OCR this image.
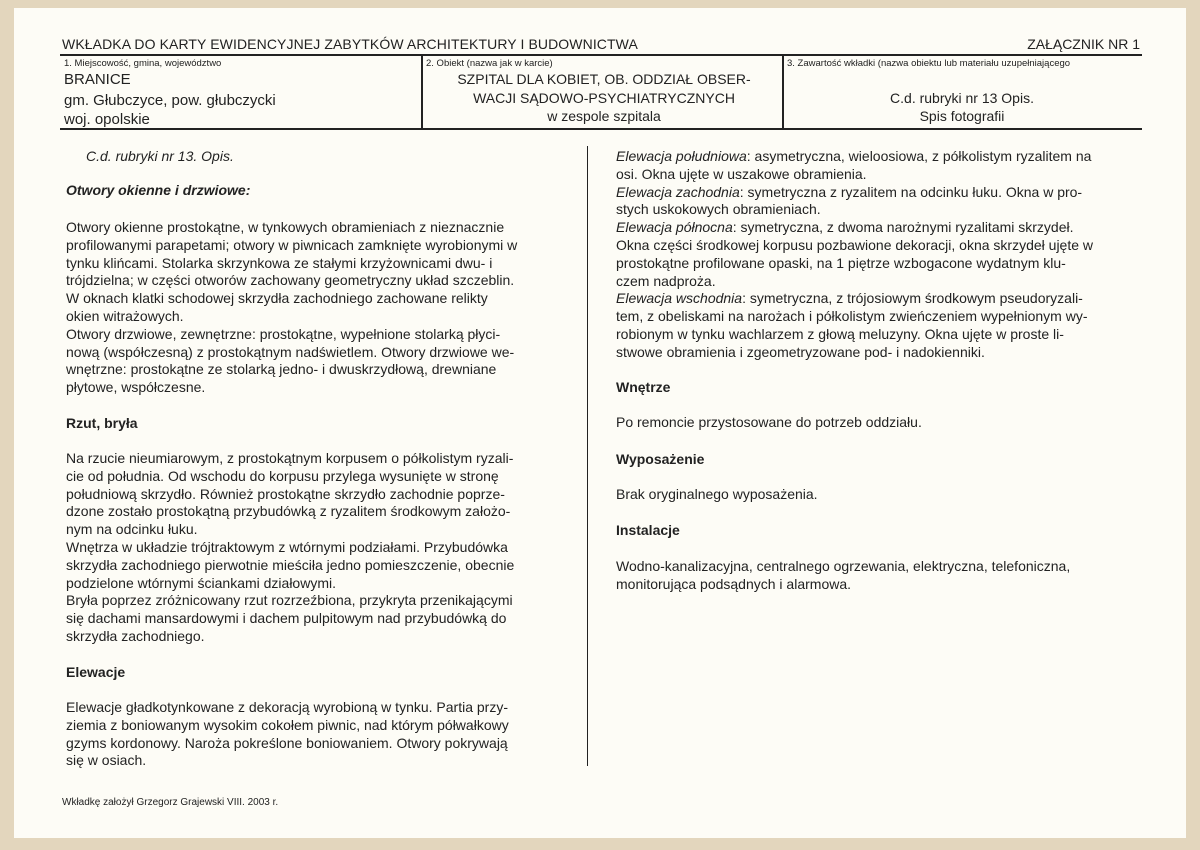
WKŁADKA DO KARTY EWIDENCYJNEJ ZABYTKÓW ARCHITEKTURY I BUDOWNICTWA	ZAŁĄCZNIK NR 1
1. Miejscowość, gmina, województwo
BRANICE
gm. Głubczyce, pow. głubczycki
woj. opolskie
2. Obiekt (nazwa jak w karcie)
SZPITAL DLA KOBIET, OB. ODDZIAŁ OBSER-
WACJI SĄDOWO-PSYCHIATRYCZNYCH
w zespole szpitala
3. Zawartość wkładki (nazwa obiektu lub materiału uzupełniającego
C.d. rubryki nr 13 Opis.
Spis fotografii
C.d. rubryki nr 13. Opis.
Otwory okienne i drzwiowe:

Otwory okienne prostokątne, w tynkowych obramieniach z nieznacznie

profilowanymi parapetami; otwory w piwnicach zamknięte wyrobionymi w

tynku klińcami. Stolarka skrzynkowa ze stałymi krzyżownicami dwu- i

trójdzielna; w części otworów zachowany geometryczny układ szczeblin.

W oknach klatki schodowej skrzydła zachodniego zachowane relikty

okien witrażowych.

Otwory drzwiowe, zewnętrzne: prostokątne, wypełnione stolarką płyci-

nową (współczesną) z prostokątnym nadświetlem. Otwory drzwiowe we-

wnętrzne: prostokątne ze stolarką jedno- i dwuskrzydłową, drewniane

płytowe, współczesne.

Rzut, bryła

Na rzucie nieumiarowym, z prostokątnym korpusem o półkolistym ryzali-

cie od południa. Od wschodu do korpusu przylega wysunięte w stronę

południową skrzydło. Również prostokątne skrzydło zachodnie poprze-

dzone zostało prostokątną przybudówką z ryzalitem środkowym założo-

nym na odcinku łuku.

Wnętrza w układzie trójtraktowym z wtórnymi podziałami. Przybudówka

skrzydła zachodniego pierwotnie mieściła jedno pomieszczenie, obecnie

podzielone wtórnymi ściankami działowymi.

Bryła poprzez zróżnicowany rzut rozrzeźbiona, przykryta przenikającymi

się dachami mansardowymi i dachem pulpitowym nad przybudówką do

skrzydła zachodniego.

Elewacje

Elewacje gładkotynkowane z dekoracją wyrobioną w tynku. Partia przy-

ziemia z boniowanym wysokim cokołem piwnic, nad którym półwałkowy

gzyms kordonowy. Naroża pokreślone boniowaniem. Otwory pokrywają

się w osiach.

Elewacja południowa: asymetryczna, wieloosiowa, z półkolistym ryzalitem na

osi. Okna ujęte w uszakowe obramienia.

Elewacja zachodnia: symetryczna z ryzalitem na odcinku łuku. Okna w pro-

stych uskokowych obramieniach.

Elewacja północna: symetryczna, z dwoma narożnymi ryzalitami skrzydeł.

Okna części środkowej korpusu pozbawione dekoracji, okna skrzydeł ujęte w

prostokątne profilowane opaski, na 1 piętrze wzbogacone wydatnym klu-

czem nadproża.

Elewacja wschodnia: symetryczna, z trójosiowym środkowym pseudoryzali-

tem, z obeliskami na narożach i półkolistym zwieńczeniem wypełnionym wy-

robionym w tynku wachlarzem z głową meluzyny. Okna ujęte w proste li-

stwowe obramienia i zgeometryzowane pod- i nadokienniki.

Wnętrze
Po remoncie przystosowane do potrzeb oddziału.
Wyposażenie
Brak oryginalnego wyposażenia.
Instalacje

Wodno-kanalizacyjna, centralnego ogrzewania, elektryczna, telefoniczna,

monitorująca podsądnych i alarmowa.

Wkładkę założył Grzegorz Grajewski VIII. 2003 r.
